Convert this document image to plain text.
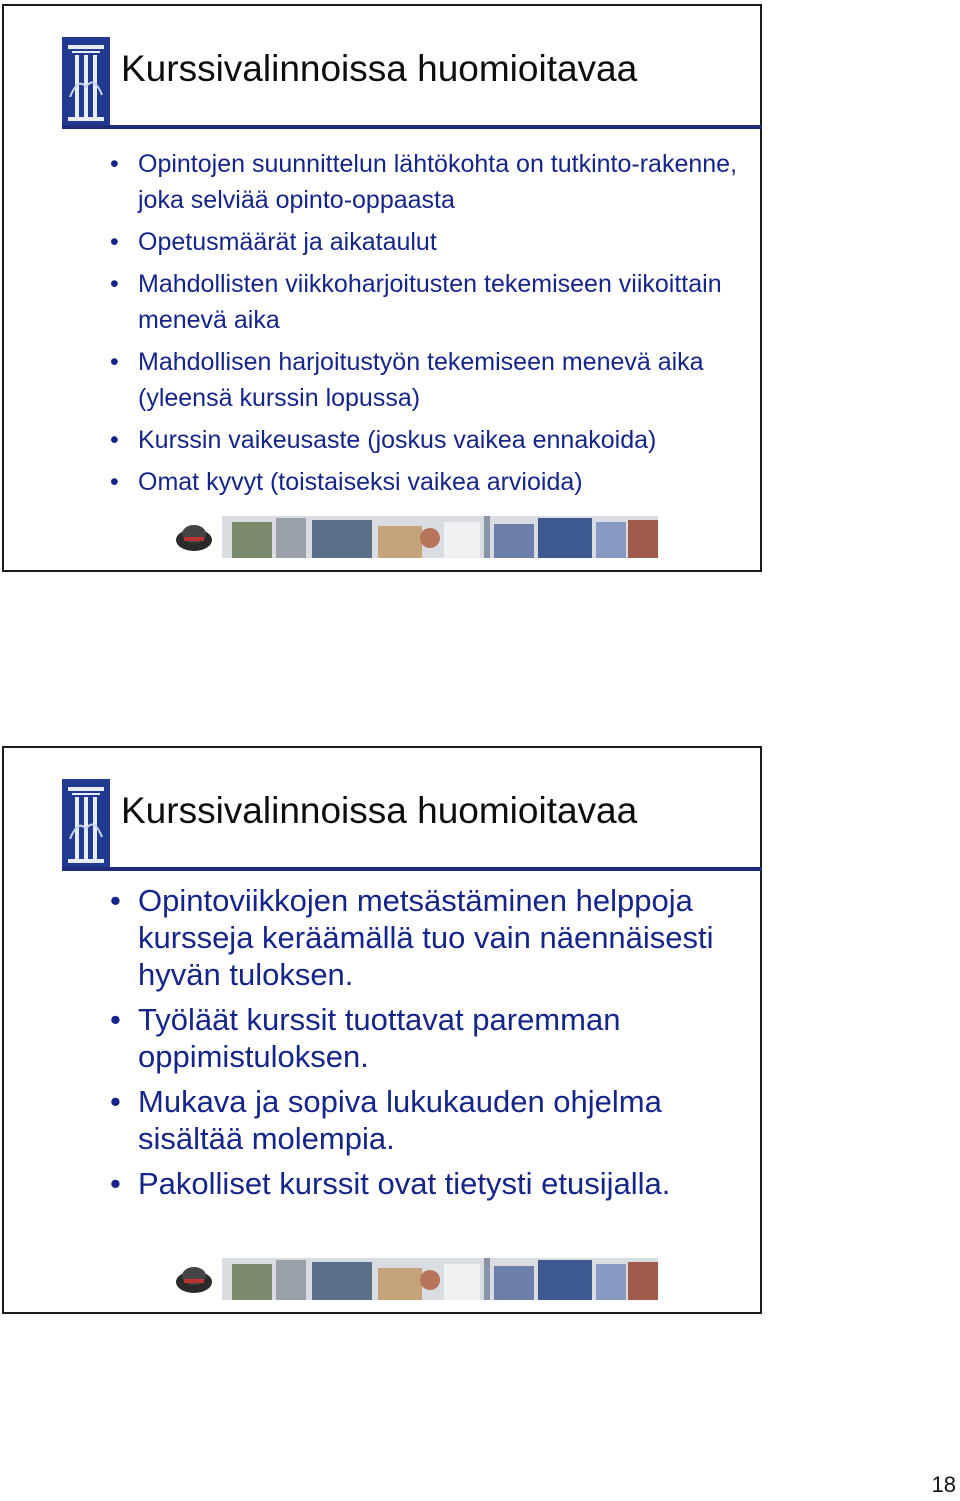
Kurssivalinnoissa huomioitavaa
• Opintojen suunnittelun lähtökohta on tutkinto-rakenne, joka selviää opinto-oppaasta
• Opetusmäärät ja aikataulut
• Mahdollisten viikkoharjoitusten tekemiseen viikoittain menevä aika
• Mahdollisen harjoitustyön tekemiseen menevä aika (yleensä kurssin lopussa)
• Kurssin vaikeusaste (joskus vaikea ennakoida)
• Omat kyvyt (toistaiseksi vaikea arvioida)
Kurssivalinnoissa huomioitavaa
• Opintoviikkojen metsästäminen helppoja kursseja keräämällä tuo vain näennäisesti hyvän tuloksen.
• Työläät kurssit tuottavat paremman oppimistuloksen.
• Mukava ja sopiva lukukauden ohjelma sisältää molempia.
• Pakolliset kurssit ovat tietysti etusijalla.
18
